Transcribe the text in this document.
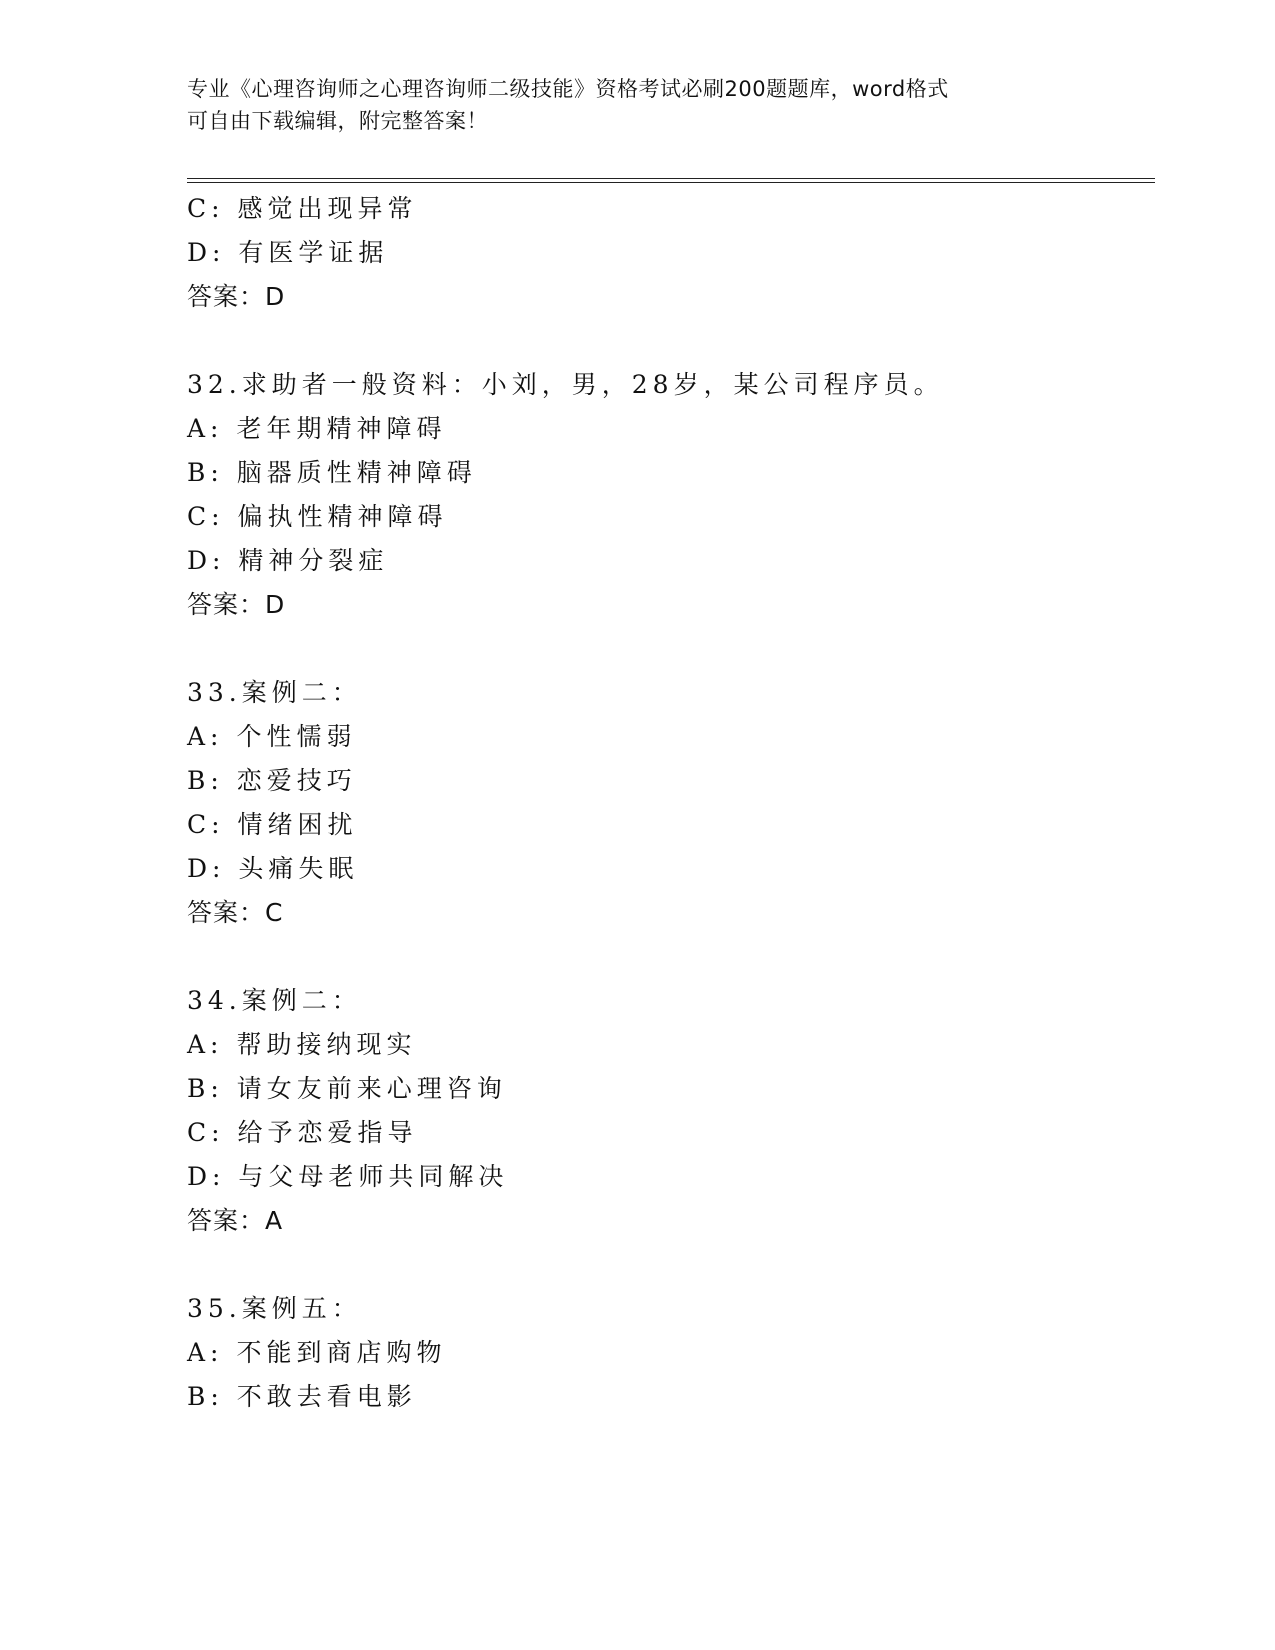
专业《心理咨询师之心理咨询师二级技能》资格考试必刷200题题库，word格式
可自由下载编辑，附完整答案！
C: 感觉出现异常
D: 有医学证据
答案：D
32.求助者一般资料：小刘，男，28岁，某公司程序员。
A: 老年期精神障碍
B: 脑器质性精神障碍
C: 偏执性精神障碍
D: 精神分裂症
答案：D
33.案例二：
A: 个性懦弱
B: 恋爱技巧
C: 情绪困扰
D: 头痛失眠
答案：C
34.案例二：
A: 帮助接纳现实
B: 请女友前来心理咨询
C: 给予恋爱指导
D: 与父母老师共同解决
答案：A
35.案例五：
A: 不能到商店购物
B: 不敢去看电影
